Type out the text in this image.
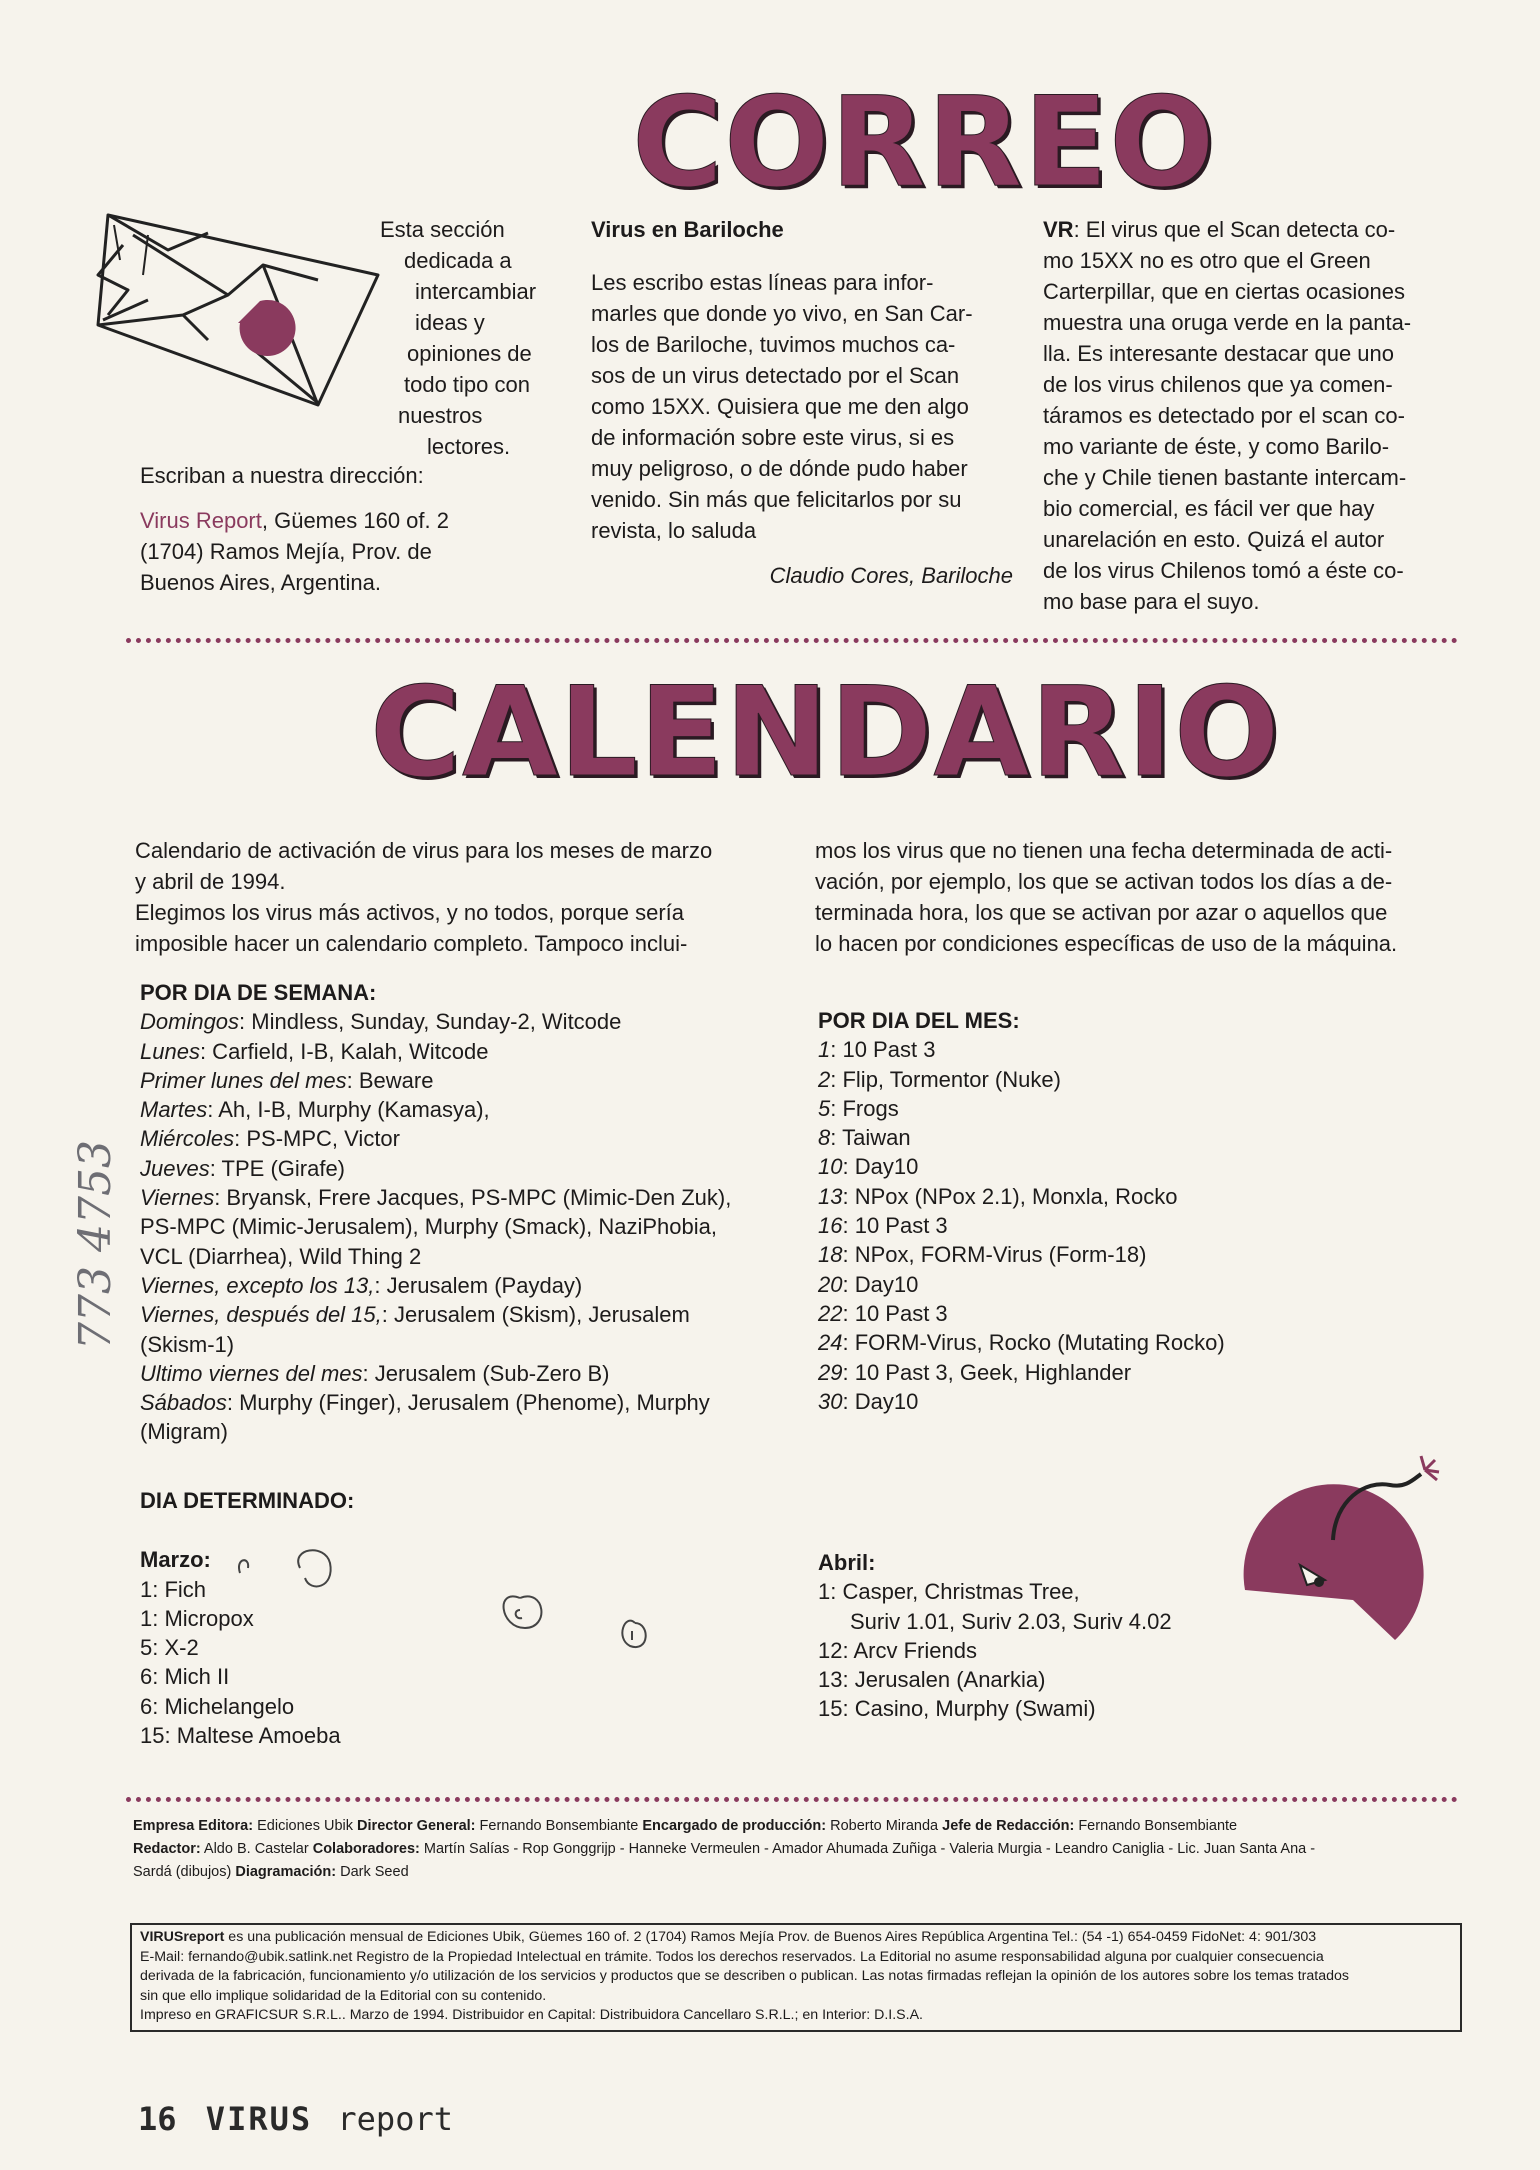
CORREO
Esta sección
dedicada a
intercambiar
ideas y
opiniones de
todo tipo con
nuestros
lectores.
Escriban a nuestra dirección:
Virus Report, Güemes 160 of. 2
(1704) Ramos Mejía, Prov. de
Buenos Aires, Argentina.
Virus en Bariloche
Les escribo estas líneas para infor-
marles que donde yo vivo, en San Car-
los de Bariloche, tuvimos muchos ca-
sos de un virus detectado por el Scan
como 15XX. Quisiera que me den algo
de información sobre este virus, si es
muy peligroso, o de dónde pudo haber
venido. Sin más que felicitarlos por su
revista, lo saluda
Claudio Cores, Bariloche
VR: El virus que el Scan detecta co-
mo 15XX no es otro que el Green
Carterpillar, que en ciertas ocasiones
muestra una oruga verde en la panta-
lla. Es interesante destacar que uno
de los virus chilenos que ya comen-
táramos es detectado por el scan co-
mo variante de éste, y como Barilo-
che y Chile tienen bastante intercam-
bio comercial, es fácil ver que hay
unarelación en esto. Quizá el autor
de los virus Chilenos tomó a éste co-
mo base para el suyo.
CALENDARIO
Calendario de activación de virus para los meses de marzo
y abril de 1994.
Elegimos los virus más activos, y no todos, porque sería
imposible hacer un calendario completo. Tampoco inclui-
mos los virus que no tienen una fecha determinada de acti-
vación, por ejemplo, los que se activan todos los días a de-
terminada hora, los que se activan por azar o aquellos que
lo hacen por condiciones específicas de uso de la máquina.
POR DIA DE SEMANA:
Domingos: Mindless, Sunday, Sunday-2, Witcode
Lunes: Carfield, I-B, Kalah, Witcode
Primer lunes del mes: Beware
Martes: Ah, I-B, Murphy (Kamasya),
Miércoles: PS-MPC, Victor
Jueves: TPE (Girafe)
Viernes: Bryansk, Frere Jacques, PS-MPC (Mimic-Den Zuk),
PS-MPC (Mimic-Jerusalem), Murphy (Smack), NaziPhobia,
VCL (Diarrhea), Wild Thing 2
Viernes, excepto los 13,: Jerusalem (Payday)
Viernes, después del 15,: Jerusalem (Skism), Jerusalem
(Skism-1)
Ultimo viernes del mes: Jerusalem (Sub-Zero B)
Sábados: Murphy (Finger), Jerusalem (Phenome), Murphy
(Migram)
POR DIA DEL MES:
1: 10 Past 3
2: Flip, Tormentor (Nuke)
5: Frogs
8: Taiwan
10: Day10
13: NPox (NPox 2.1), Monxla, Rocko
16: 10 Past 3
18: NPox, FORM-Virus (Form-18)
20: Day10
22: 10 Past 3
24: FORM-Virus, Rocko (Mutating Rocko)
29: 10 Past 3, Geek, Highlander
30: Day10
773 4753
DIA DETERMINADO:
Marzo:
1: Fich
1: Micropox
5: X-2
6: Mich II
6: Michelangelo
15: Maltese Amoeba
Abril:
1: Casper, Christmas Tree,
Suriv 1.01, Suriv 2.03, Suriv 4.02
12: Arcv Friends
13: Jerusalen (Anarkia)
15: Casino, Murphy (Swami)
Empresa Editora: Ediciones Ubik Director General: Fernando Bonsembiante Encargado de producción: Roberto Miranda Jefe de Redacción: Fernando Bonsembiante
Redactor: Aldo B. Castelar Colaboradores: Martín Salías - Rop Gonggrijp - Hanneke Vermeulen - Amador Ahumada Zuñiga - Valeria Murgia - Leandro Caniglia - Lic. Juan Santa Ana -
Sardá (dibujos) Diagramación: Dark Seed
VIRUSreport es una publicación mensual de Ediciones Ubik, Güemes 160 of. 2 (1704) Ramos Mejía Prov. de Buenos Aires República Argentina Tel.: (54 -1) 654-0459 FidoNet: 4: 901/303
E-Mail: fernando@ubik.satlink.net Registro de la Propiedad Intelectual en trámite. Todos los derechos reservados. La Editorial no asume responsabilidad alguna por cualquier consecuencia
derivada de la fabricación, funcionamiento y/o utilización de los servicios y productos que se describen o publican. Las notas firmadas reflejan la opinión de los autores sobre los temas tratados
sin que ello implique solidaridad de la Editorial con su contenido.
Impreso en GRAFICSUR S.R.L.. Marzo de 1994. Distribuidor en Capital: Distribuidora Cancellaro S.R.L.; en Interior: D.I.S.A.
16 VIRUS report
